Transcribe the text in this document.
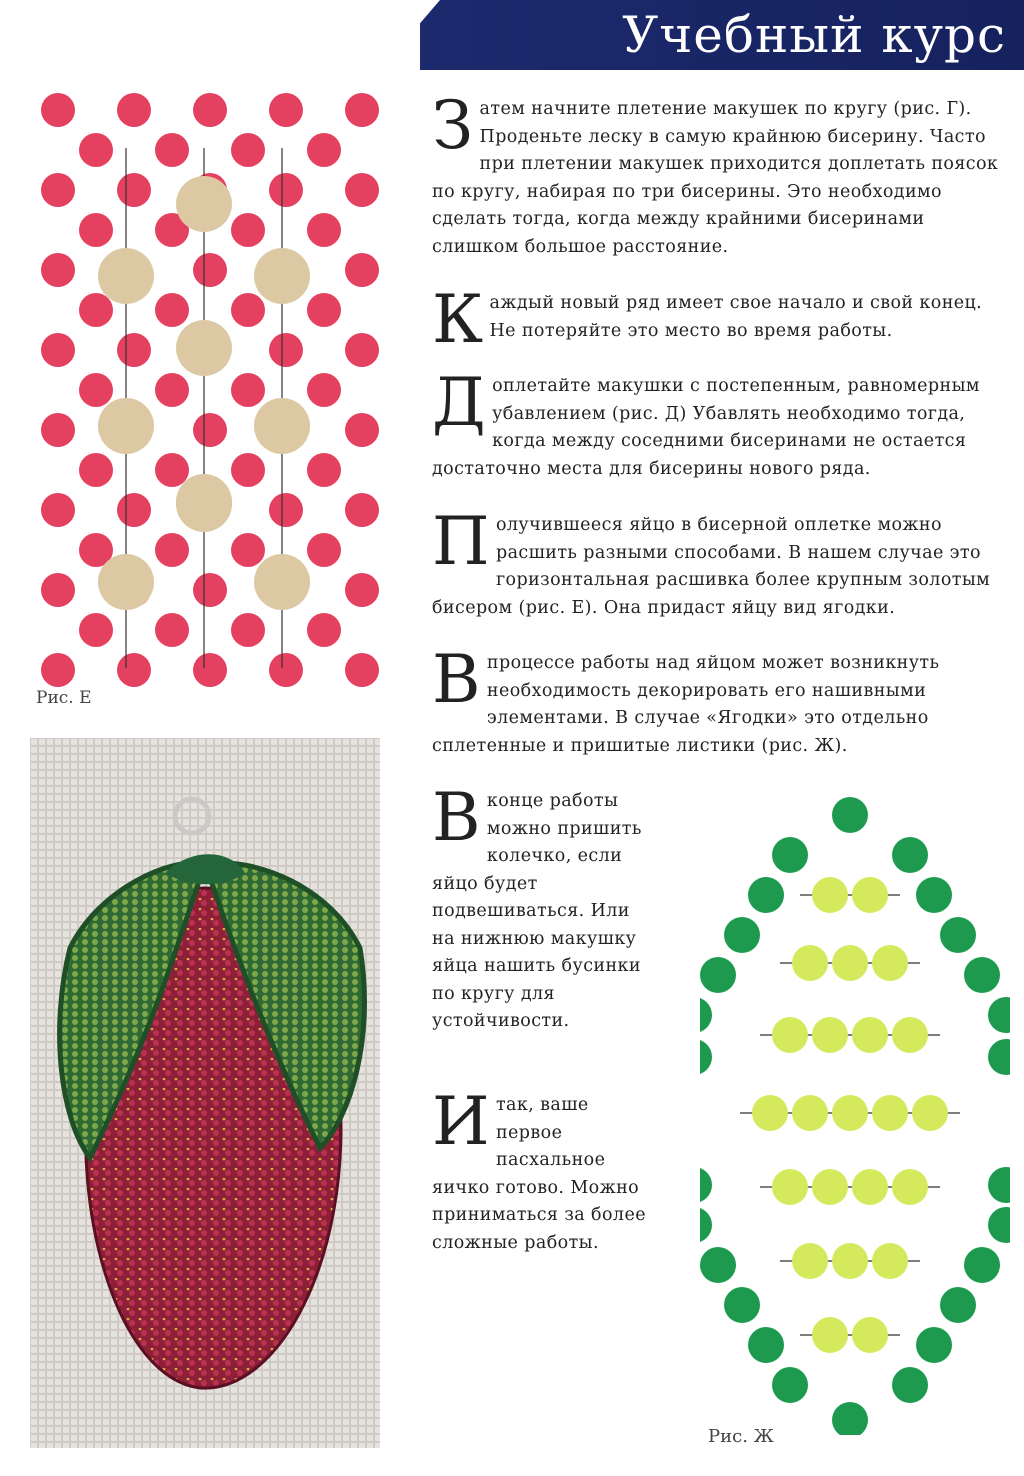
Учебный курс
Рис. Е
Затем начните плетение макушек по кругу (рис. Г). Проденьте леску в самую крайнюю бисерину. Часто при плетении макушек приходится доплетать поясок по кругу, набирая по три бисерины. Это необходимо сделать тогда, когда между крайними бисеринами слишком большое расстояние.
Каждый новый ряд имеет свое начало и свой конец. Не потеряйте это место во время работы.
Доплетайте макушки с постепенным, равномерным убавлением (рис. Д) Убавлять необходимо тогда, когда между соседними бисеринами не остается достаточно места для бисерины нового ряда.
Получившееся яйцо в бисерной оплетке можно расшить разными способами. В нашем случае это горизонтальная расшивка более крупным золотым бисером (рис. Е). Она придаст яйцу вид ягодки.
Впроцессе работы над яйцом может возникнуть необходимость декорировать его нашивными элементами. В случае «Ягодки» это отдельно сплетенные и пришитые листики (рис. Ж).
Вконце работы можно пришить колечко, если яйцо будет подвешиваться. Или на нижнюю макушку яйца нашить бусинки по кругу для устойчивости.
Итак, ваше первое пасхальное яичко готово. Можно приниматься за более сложные работы.
Рис. Ж
